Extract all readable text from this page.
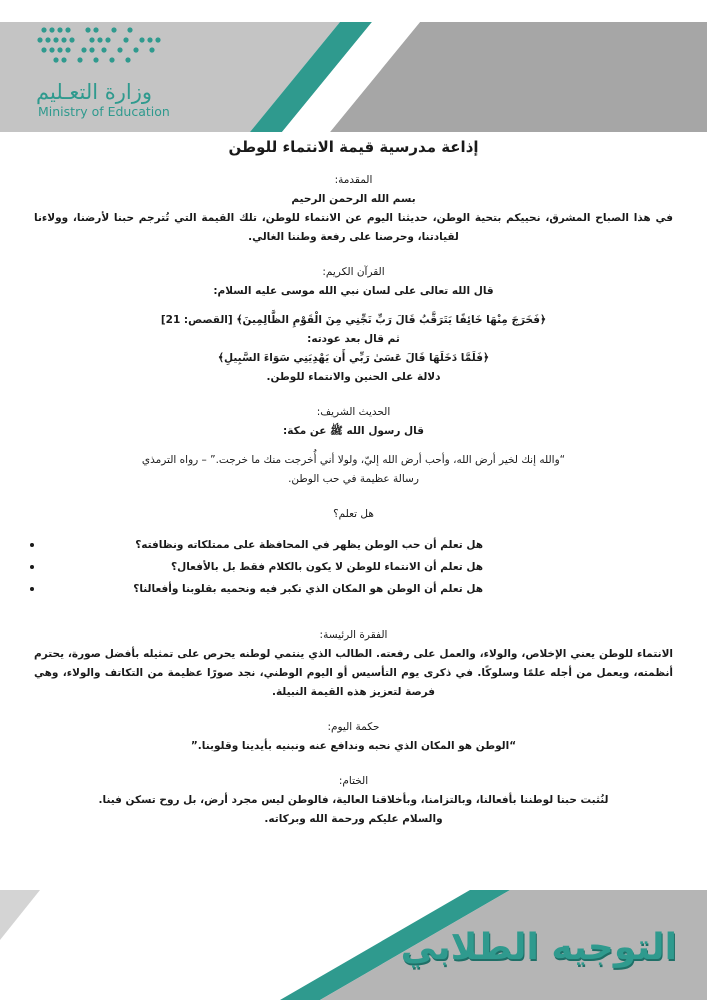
وزارة التعـليم
Ministry of Education
إذاعة مدرسية قيمة الانتماء للوطن
المقدمة:
بسم الله الرحمن الرحيم
في هذا الصباح المشرق، نحييكم بتحية الوطن، حديثنا اليوم عن الانتماء للوطن، تلك القيمة التي تُترجم حبنا لأرضنا، وولاءنا لقيادتنا، وحرصنا على رفعة وطننا الغالي.
القرآن الكريم:
قال الله تعالى على لسان نبي الله موسى عليه السلام:
﴿فَخَرَجَ مِنْهَا خَائِفًا يَتَرَقَّبُ قَالَ رَبِّ نَجِّنِي مِنَ الْقَوْمِ الظَّالِمِينَ﴾ [القصص: 21]
ثم قال بعد عودته:
﴿فَلَمَّا دَخَلَهَا قَالَ عَسَىٰ رَبِّي أَن يَهْدِيَنِي سَوَاءَ السَّبِيلِ﴾
دلالة على الحنين والانتماء للوطن.
الحديث الشريف:
قال رسول الله ﷺ عن مكة:
“والله إنك لخير أرض الله، وأحب أرض الله إليّ، ولولا أني أُخرجت منك ما خرجت.” – رواه الترمذي
رسالة عظيمة في حب الوطن.
هل تعلم؟
هل تعلم أن حب الوطن يظهر في المحافظة على ممتلكاته ونظافته؟
هل تعلم أن الانتماء للوطن لا يكون بالكلام فقط بل بالأفعال؟
هل تعلم أن الوطن هو المكان الذي نكبر فيه ونحميه بقلوبنا وأفعالنا؟
الفقرة الرئيسة:
الانتماء للوطن يعني الإخلاص، والولاء، والعمل على رفعته. الطالب الذي ينتمي لوطنه يحرص على تمثيله بأفضل صورة، يحترم أنظمته، ويعمل من أجله علمًا وسلوكًا. في ذكرى يوم التأسيس أو اليوم الوطني، نجد صورًا عظيمة من التكاتف والولاء، وهي فرصة لتعزيز هذه القيمة النبيلة.
حكمة اليوم:
“الوطن هو المكان الذي نحبه وندافع عنه ونبنيه بأيدينا وقلوبنا.”
الختام:
لنُثبت حبنا لوطننا بأفعالنا، وبالتزامنا، وبأخلاقنا العالية، فالوطن ليس مجرد أرض، بل روح تسكن فينا.
والسلام عليكم ورحمة الله وبركاته.
التوجيه الطلابي
